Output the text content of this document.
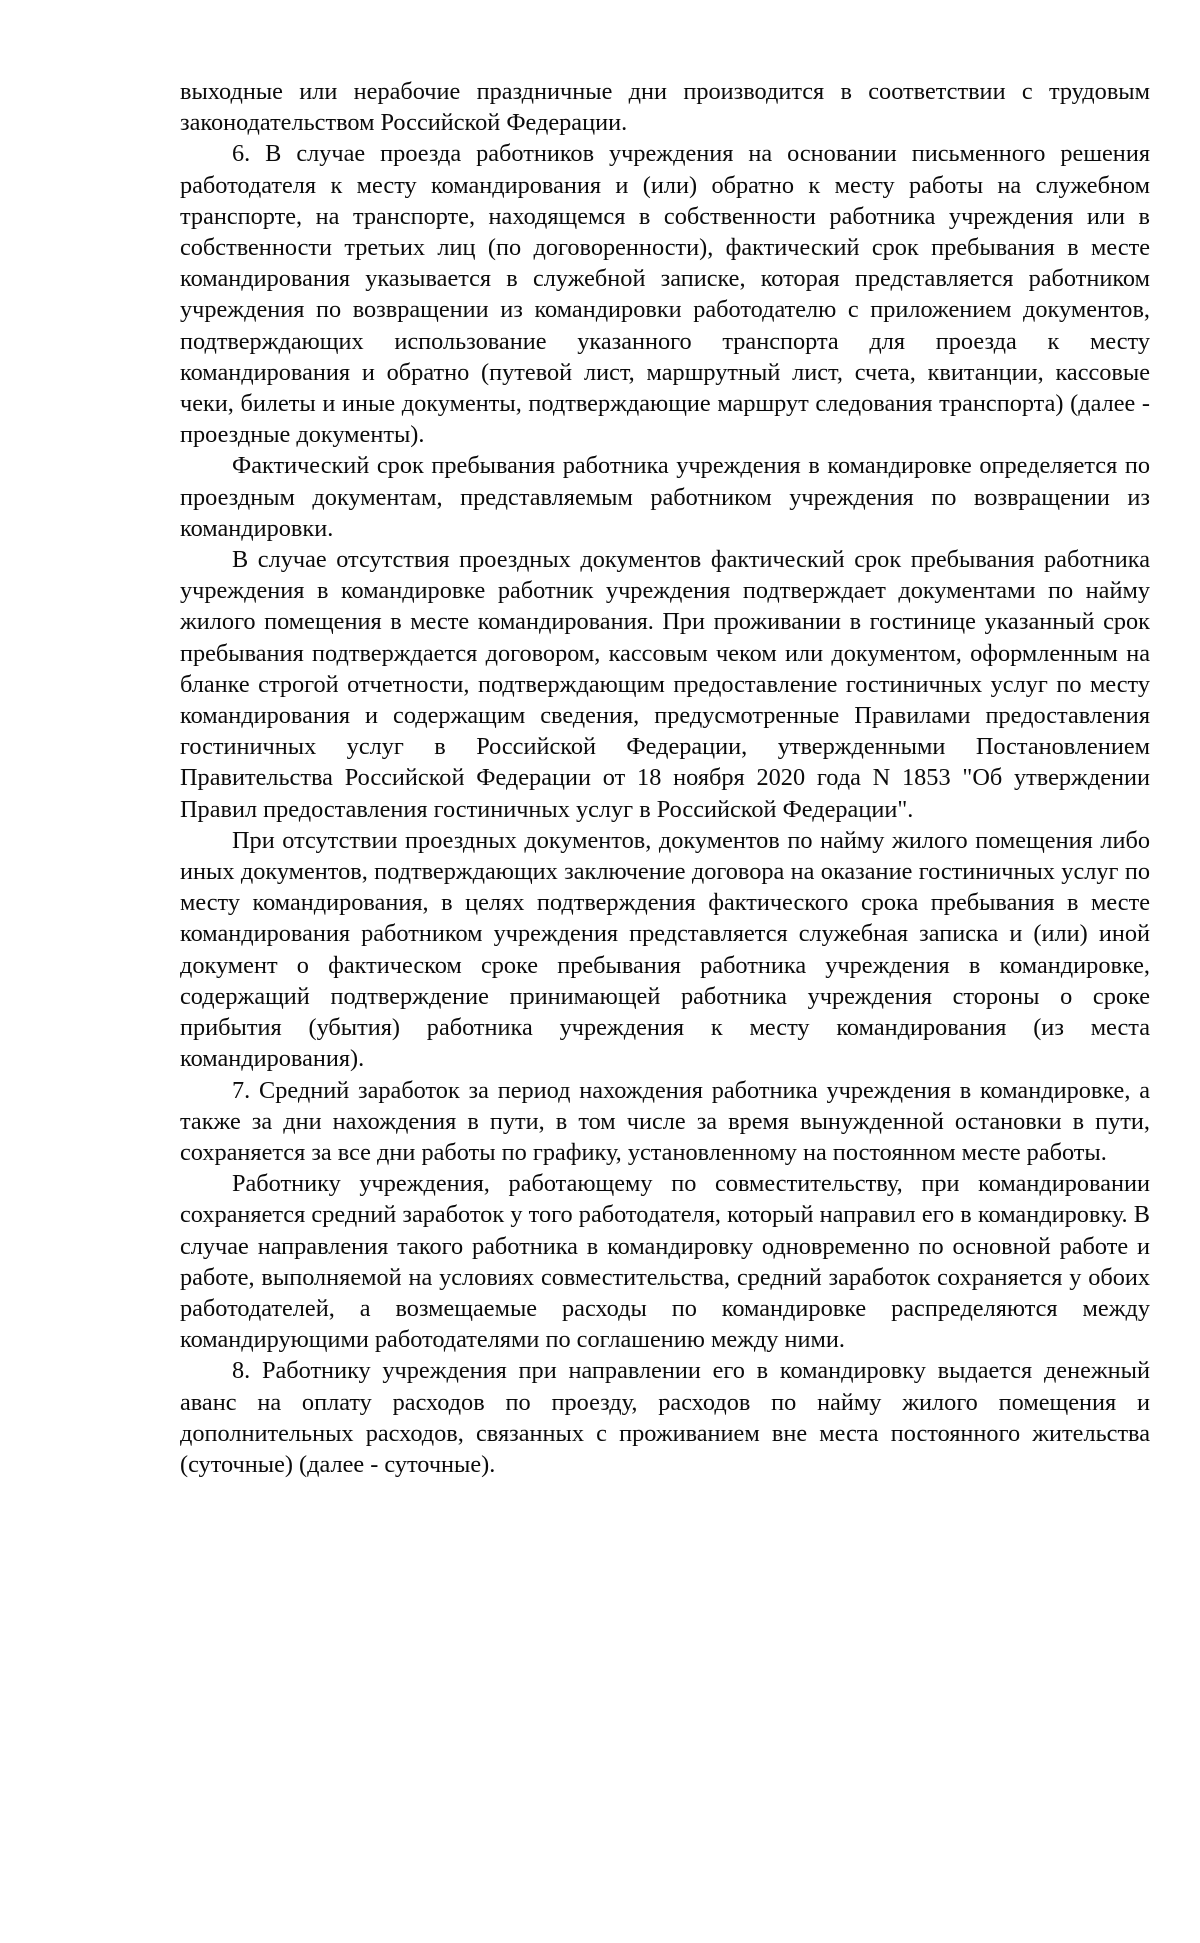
выходные или нерабочие праздничные дни производится в соответствии с трудовым законодательством Российской Федерации.

6. В случае проезда работников учреждения на основании письменного решения работодателя к месту командирования и (или) обратно к месту работы на служебном транспорте, на транспорте, находящемся в собственности работника учреждения или в собственности третьих лиц (по договоренности), фактический срок пребывания в месте командирования указывается в служебной записке, которая представляется работником учреждения по возвращении из командировки работодателю с приложением документов, подтверждающих использование указанного транспорта для проезда к месту командирования и обратно (путевой лист, маршрутный лист, счета, квитанции, кассовые чеки, билеты и иные документы, подтверждающие маршрут следования транспорта) (далее - проездные документы).

Фактический срок пребывания работника учреждения в командировке определяется по проездным документам, представляемым работником учреждения по возвращении из командировки.

В случае отсутствия проездных документов фактический срок пребывания работника учреждения в командировке работник учреждения подтверждает документами по найму жилого помещения в месте командирования. При проживании в гостинице указанный срок пребывания подтверждается договором, кассовым чеком или документом, оформленным на бланке строгой отчетности, подтверждающим предоставление гостиничных услуг по месту командирования и содержащим сведения, предусмотренные Правилами предоставления гостиничных услуг в Российской Федерации, утвержденными Постановлением Правительства Российской Федерации от 18 ноября 2020 года N 1853 "Об утверждении Правил предоставления гостиничных услуг в Российской Федерации".

При отсутствии проездных документов, документов по найму жилого помещения либо иных документов, подтверждающих заключение договора на оказание гостиничных услуг по месту командирования, в целях подтверждения фактического срока пребывания в месте командирования работником учреждения представляется служебная записка и (или) иной документ о фактическом сроке пребывания работника учреждения в командировке, содержащий подтверждение принимающей работника учреждения стороны о сроке прибытия (убытия) работника учреждения к месту командирования (из места командирования).

7. Средний заработок за период нахождения работника учреждения в командировке, а также за дни нахождения в пути, в том числе за время вынужденной остановки в пути, сохраняется за все дни работы по графику, установленному на постоянном месте работы.

Работнику учреждения, работающему по совместительству, при командировании сохраняется средний заработок у того работодателя, который направил его в командировку. В случае направления такого работника в командировку одновременно по основной работе и работе, выполняемой на условиях совместительства, средний заработок сохраняется у обоих работодателей, а возмещаемые расходы по командировке распределяются между командирующими работодателями по соглашению между ними.

8. Работнику учреждения при направлении его в командировку выдается денежный аванс на оплату расходов по проезду, расходов по найму жилого помещения и дополнительных расходов, связанных с проживанием вне места постоянного жительства (суточные) (далее - суточные).
